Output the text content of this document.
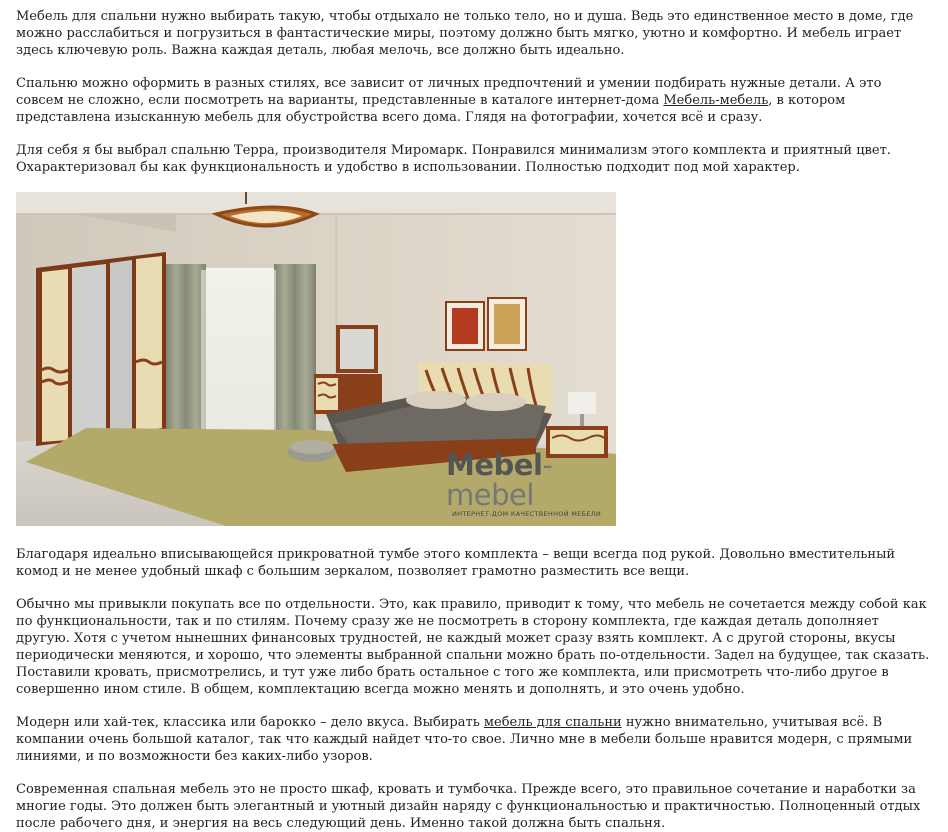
Мебель для спальни нужно выбирать такую, чтобы отдыхало не только тело, но и душа. Ведь это единственное место в доме, где можно расслабиться и погрузиться в фантастические миры, поэтому должно быть мягко, уютно и комфортно. И мебель играет здесь ключевую роль. Важна каждая деталь, любая мелочь, все должно быть идеально.

Спальню можно оформить в разных стилях, все зависит от личных предпочтений и умении подбирать нужные детали. А это совсем не сложно, если посмотреть на варианты, представленные в каталоге интернет-дома Мебель-мебель, в котором представлена изысканную мебель для обустройства всего дома. Глядя на фотографии, хочется всё и сразу.

Для себя я бы выбрал спальню Терра, производителя Миромарк. Понравился минимализм этого комплекта и приятный цвет. Охарактеризовал бы как функциональность и удобство в использовании. Полностью подходит под мой характер.

Mebel-mebel
ИНТЕРНЕТ-ДОМ КАЧЕСТВЕННОЙ МЕБЕЛИ

Благодаря идеально вписывающейся прикроватной тумбе этого комплекта – вещи всегда под рукой. Довольно вместительный комод и не менее удобный шкаф с большим зеркалом, позволяет грамотно разместить все вещи.

Обычно мы привыкли покупать все по отдельности. Это, как правило, приводит к тому, что мебель не сочетается между собой как по функциональности, так и по стилям. Почему сразу же не посмотреть в сторону комплекта, где каждая деталь дополняет другую. Хотя с учетом нынешних финансовых трудностей, не каждый может сразу взять комплект. А с другой стороны, вкусы периодически меняются, и хорошо, что элементы выбранной спальни можно брать по-отдельности. Задел на будущее, так сказать. Поставили кровать, присмотрелись, и тут уже либо брать остальное с того же комплекта, или присмотреть что-либо другое в совершенно ином стиле. В общем, комплектацию всегда можно менять и дополнять, и это очень удобно.

Модерн или хай-тек, классика или барокко – дело вкуса. Выбирать мебель для спальни нужно внимательно, учитывая всё. В компании очень большой каталог, так что каждый найдет что-то свое. Лично мне в мебели больше нравится модерн, с прямыми линиями, и по возможности без каких-либо узоров.

Современная спальная мебель это не просто шкаф, кровать и тумбочка. Прежде всего, это правильное сочетание и наработки за многие годы. Это должен быть элегантный и уютный дизайн наряду с функциональностью и практичностью. Полноценный отдых после рабочего дня, и энергия на весь следующий день. Именно такой должна быть спальня.
